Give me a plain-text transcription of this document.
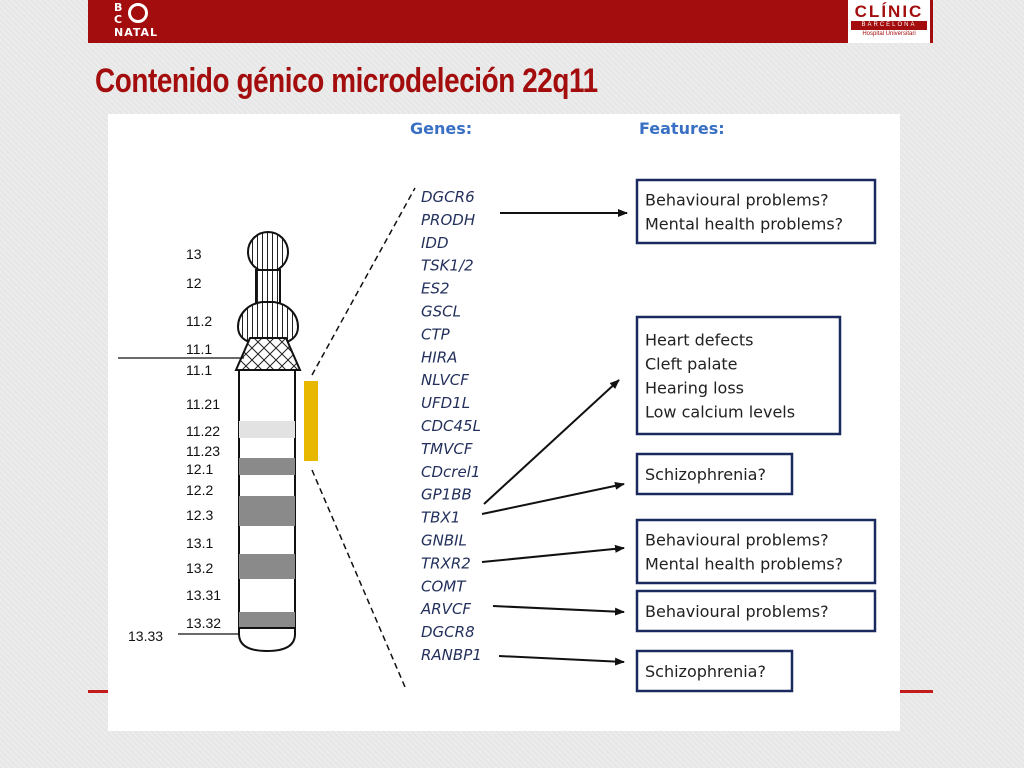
B
C
NATAL
CLÍNIC
BARCELONA
Hospital Universitari
Contenido génico microdeleción 22q11
Genes:	Features:
13
12
11.2
11.1
11.1
11.21
11.22
11.23
12.1
12.2
12.3
13.1
13.2
13.31
13.32
13.33
DGCR6
PRODH
IDD
TSK1/2
ES2
GSCL
CTP
HIRA
NLVCF
UFD1L
CDC45L
TMVCF
CDcrel1
GP1BB
TBX1
GNBIL
TRXR2
COMT
ARVCF
DGCR8
RANBP1
Behavioural problems?
Mental health problems?
Heart defects
Cleft palate
Hearing loss
Low calcium levels
Schizophrenia?
Behavioural problems?
Mental health problems?
Behavioural problems?
Schizophrenia?
